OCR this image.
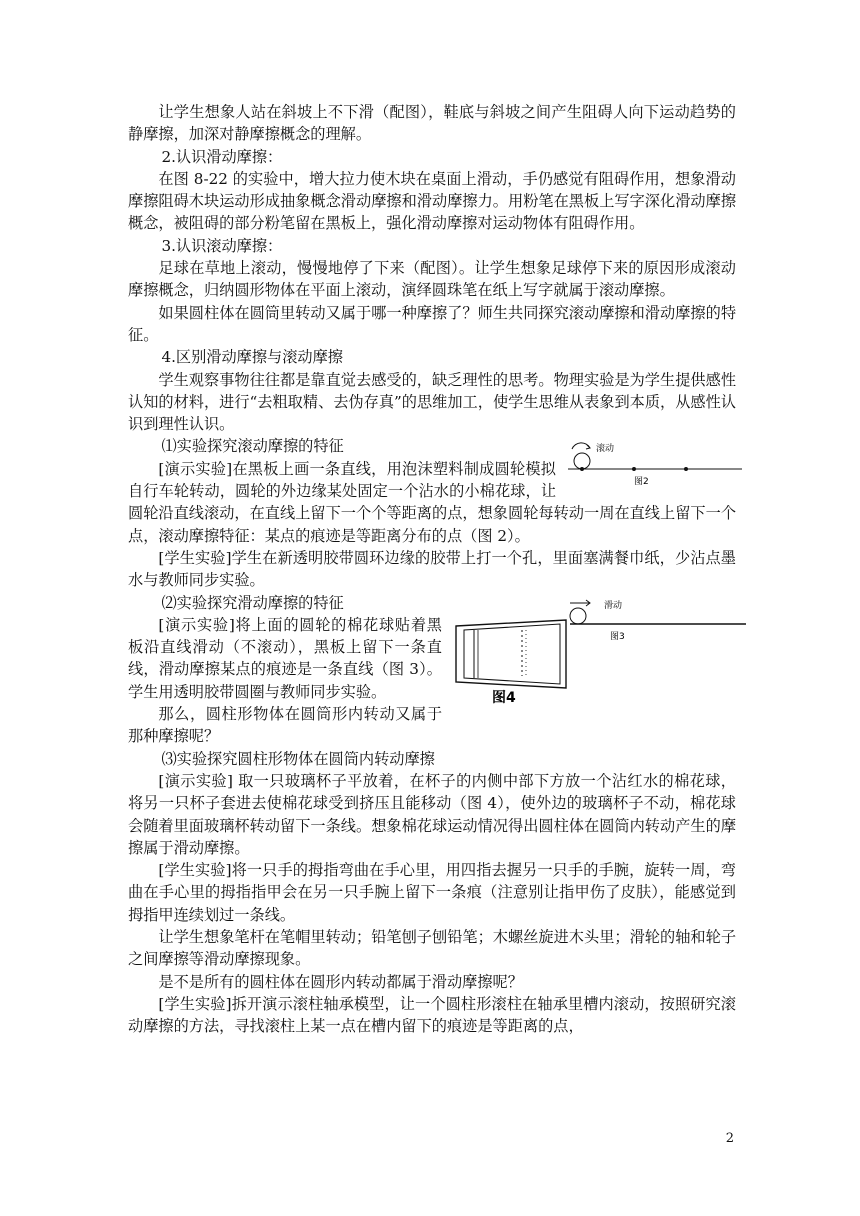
让学生想象人站在斜坡上不下滑（配图），鞋底与斜坡之间产生阻碍人向下运动趋势的静摩擦，加深对静摩擦概念的理解。

2.认识滑动摩擦：

在图 8-22 的实验中，增大拉力使木块在桌面上滑动，手仍感觉有阻碍作用，想象滑动摩擦阻碍木块运动形成抽象概念滑动摩擦和滑动摩擦力。用粉笔在黑板上写字深化滑动摩擦概念，被阻碍的部分粉笔留在黑板上，强化滑动摩擦对运动物体有阻碍作用。

3.认识滚动摩擦：

足球在草地上滚动，慢慢地停了下来（配图）。让学生想象足球停下来的原因形成滚动摩擦概念，归纳圆形物体在平面上滚动，演绎圆珠笔在纸上写字就属于滚动摩擦。

如果圆柱体在圆筒里转动又属于哪一种摩擦了？师生共同探究滚动摩擦和滑动摩擦的特征。

4.区别滑动摩擦与滚动摩擦

学生观察事物往往都是靠直觉去感受的，缺乏理性的思考。物理实验是为学生提供感性认知的材料，进行“去粗取精、去伪存真”的思维加工，使学生思维从表象到本质，从感性认识到理性认识。

滚动
图2

⑴实验探究滚动摩擦的特征

[演示实验]在黑板上画一条直线，用泡沫塑料制成圆轮模拟自行车轮转动，圆轮的外边缘某处固定一个沾水的小棉花球，让圆轮沿直线滚动，在直线上留下一个个等距离的点，想象圆轮每转动一周在直线上留下一个点，滚动摩擦特征：某点的痕迹是等距离分布的点（图 2）。

[学生实验]学生在新透明胶带圆环边缘的胶带上打一个孔，里面塞满餐巾纸，少沾点墨水与教师同步实验。

滑动
图3

⑵实验探究滑动摩擦的特征

图4

[演示实验]将上面的圆轮的棉花球贴着黑板沿直线滑动（不滚动），黑板上留下一条直线，滑动摩擦某点的痕迹是一条直线（图 3）。学生用透明胶带圆圈与教师同步实验。

那么，圆柱形物体在圆筒形内转动又属于那种摩擦呢？

⑶实验探究圆柱形物体在圆筒内转动摩擦

[演示实验] 取一只玻璃杯子平放着，在杯子的内侧中部下方放一个沾红水的棉花球，将另一只杯子套进去使棉花球受到挤压且能移动（图 4），使外边的玻璃杯子不动，棉花球会随着里面玻璃杯转动留下一条线。想象棉花球运动情况得出圆柱体在圆筒内转动产生的摩擦属于滑动摩擦。

[学生实验]将一只手的拇指弯曲在手心里，用四指去握另一只手的手腕，旋转一周，弯曲在手心里的拇指指甲会在另一只手腕上留下一条痕（注意别让指甲伤了皮肤），能感觉到拇指甲连续划过一条线。

让学生想象笔杆在笔帽里转动；铅笔刨子刨铅笔；木螺丝旋进木头里；滑轮的轴和轮子之间摩擦等滑动摩擦现象。

是不是所有的圆柱体在圆形内转动都属于滑动摩擦呢？

[学生实验]拆开演示滚柱轴承模型，让一个圆柱形滚柱在轴承里槽内滚动，按照研究滚动摩擦的方法，寻找滚柱上某一点在槽内留下的痕迹是等距离的点，

2
